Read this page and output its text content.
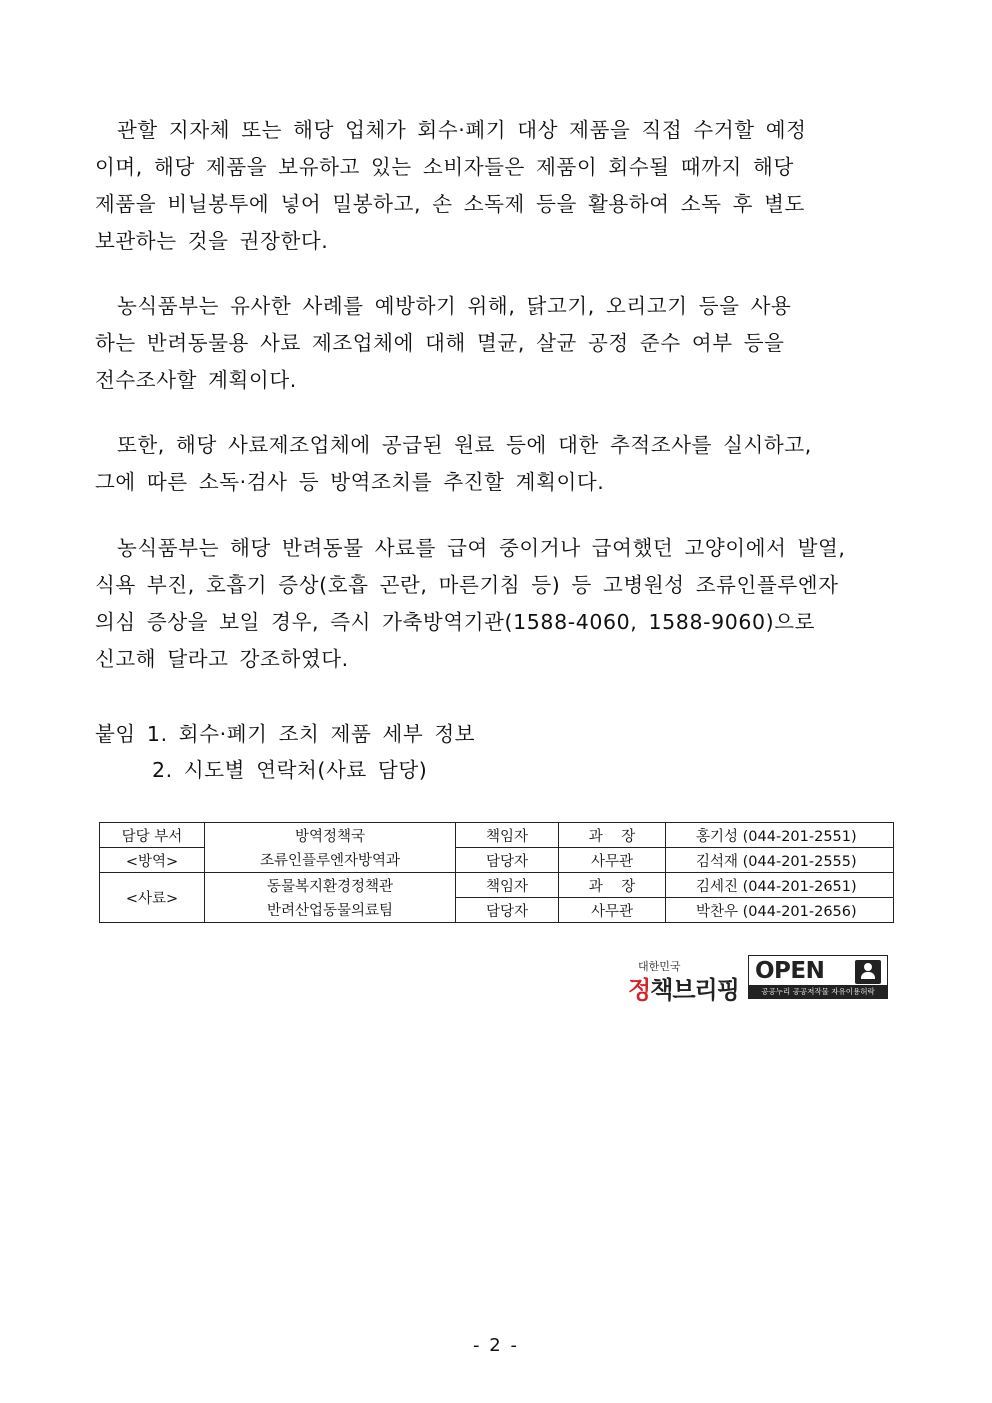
관할 지자체 또는 해당 업체가 회수·폐기 대상 제품을 직접 수거할 예정
이며, 해당 제품을 보유하고 있는 소비자들은 제품이 회수될 때까지 해당
제품을 비닐봉투에 넣어 밀봉하고, 손 소독제 등을 활용하여 소독 후 별도
보관하는 것을 권장한다.
농식품부는 유사한 사례를 예방하기 위해, 닭고기, 오리고기 등을 사용
하는 반려동물용 사료 제조업체에 대해 멸균, 살균 공정 준수 여부 등을
전수조사할 계획이다.
또한, 해당 사료제조업체에 공급된 원료 등에 대한 추적조사를 실시하고,
그에 따른 소독·검사 등 방역조치를 추진할 계획이다.
농식품부는 해당 반려동물 사료를 급여 중이거나 급여했던 고양이에서 발열,
식욕 부진, 호흡기 증상(호흡 곤란, 마른기침 등) 등 고병원성 조류인플루엔자
의심 증상을 보일 경우, 즉시 가축방역기관(1588-4060, 1588-9060)으로
신고해 달라고 강조하였다.
붙임 1. 회수·폐기 조치 제품 세부 정보
2. 시도별 연락처(사료 담당)
담당 부서	방역정책국	책임자	과    장	홍기성 (044-201-2551)
<방역>	조류인플루엔자방역과	담당자	사무관	김석재 (044-201-2555)
<사료>	동물복지환경정책관	책임자	과    장	김세진 (044-201-2651)
	반려산업동물의료팀	담당자	사무관	박찬우 (044-201-2656)
대한민국
정책브리핑
OPEN
공공누리 공공저작물 자유이용허락
- 2 -
